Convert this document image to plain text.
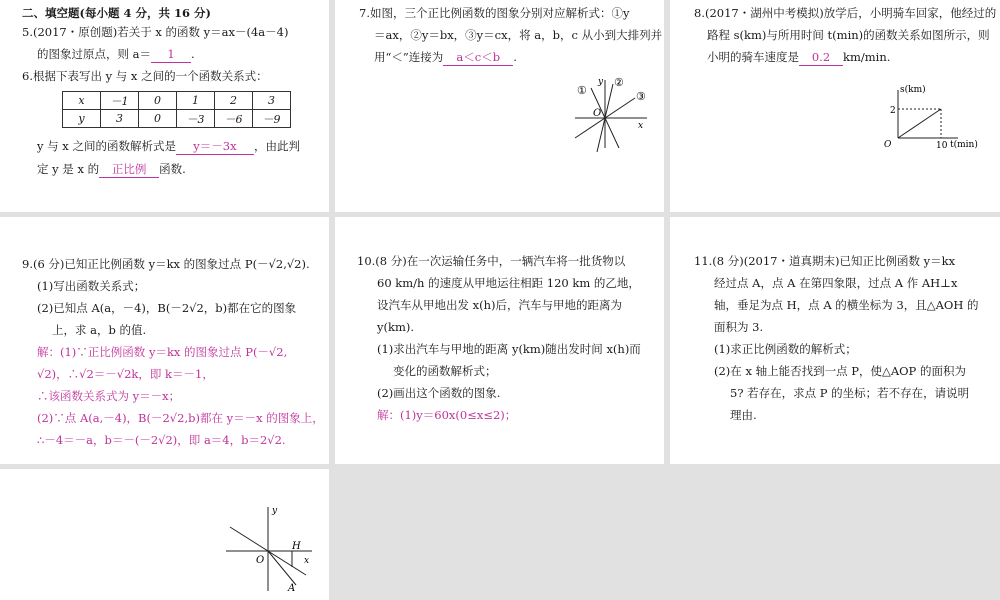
二、填空题(每小题 4 分，共 16 分)
5.(2017・原创题)若关于 x 的函数 y＝ax－(4a－4)
的图象过原点，则 a＝ 1 .
6.根据下表写出 y 与 x 之间的一个函数关系式：
x	－1	0	1	2	3
y	3	0	－3	－6	－9
y 与 x 之间的函数解析式是 y＝－3x ，由此判
定 y 是 x 的 正比例 函数.
7.如图，三个正比例函数的图象分别对应解析式：①y
＝ax，②y＝bx，③y＝cx，将 a，b，c 从小到大排列并
用“＜”连接为 a＜c＜b .
①
②
③
O
x
y
8.(2017・湖州中考模拟)放学后，小明骑车回家，他经过的
路程 s(km)与所用时间 t(min)的函数关系如图所示，则
小明的骑车速度是 0.2 km/min.
s(km)
2
O	10 t(min)
9.(6 分)已知正比例函数 y＝kx 的图象过点 P(－√2,√2).
(1)写出函数关系式；
(2)已知点 A(a，－4)，B(－2√2，b)都在它的图象
上，求 a，b 的值.
解：(1)∵正比例函数 y＝kx 的图象过点 P(－√2,
√2)，∴√2＝－√2k，即 k＝－1，
∴该函数关系式为 y＝－x；
(2)∵点 A(a,－4)，B(－2√2,b)都在 y＝－x 的图象上，
∴－4＝－a，b＝－(－2√2)，即 a＝4，b＝2√2.
10.(8 分)在一次运输任务中，一辆汽车将一批货物以
60 km/h 的速度从甲地运往相距 120 km 的乙地，
设汽车从甲地出发 x(h)后，汽车与甲地的距离为
y(km).
(1)求出汽车与甲地的距离 y(km)随出发时间 x(h)而
变化的函数解析式；
(2)画出这个函数的图象.
解：(1)y＝60x(0≤x≤2)；
11.(8 分)(2017・道真期末)已知正比例函数 y＝kx
经过点 A，点 A 在第四象限，过点 A 作 AH⊥x
轴，垂足为点 H，点 A 的横坐标为 3，且△AOH 的
面积为 3.
(1)求正比例函数的解析式；
(2)在 x 轴上能否找到一点 P，使△AOP 的面积为
5? 若存在，求点 P 的坐标；若不存在，请说明
理由.
y
x
O
H
A
